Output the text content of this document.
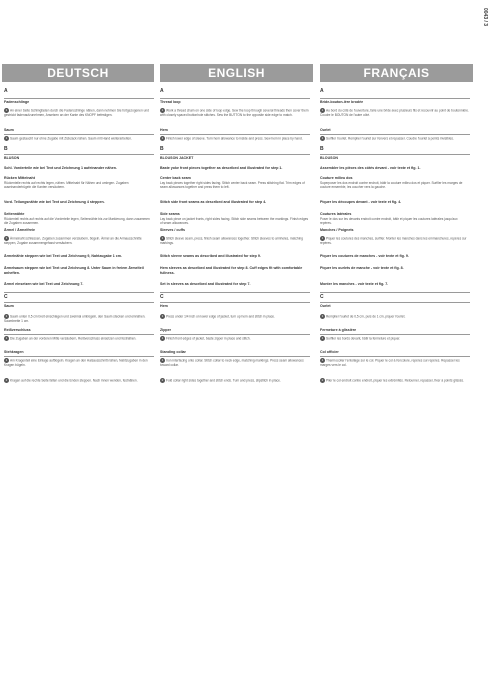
0043 / 3
DEUTSCH	ENGLISH	FRANÇAIS
A
Fadenschlinge
1 An einer Seite Schlingfaden durch die Fadenschlinge nähen, dann nehmen Sie fortgezogenen und gestrickt fadenaufzunehmen, Ansetzen an der Kante des KNOPF befestigen.
Saum
1 Saum gestaucht nur ohne Zugabe mit Zickzack nähen. Saum mit Hand weiterarbeiten.
B
BLUSON
Schl. Vorderteile wie bei Text und Zeichnung 1 aufeinander nähen.
Rücken Mittelnaht
Rückenteile rechts auf rechts legen, nähen. Mittelnaht für Nähen und umlegen. Zugaben auseinanderbügeln die Kanten versäubern.
Vord. Teilungsnähte wie bei Text und Zeichnung 4 steppen.
Seitennähte
Rückenteil rechts auf rechts auf die Vorderteile legen, Seitennähte bis zur Markierung, dann zusammen die Zugaben zusammen.
Ärmel / Ärmelfreie
1 Ärmelnaht schliessen, Zugaben zusammen versäubern, bügeln. Ärmel an die Armausschnitte steppen, Zugabe zusammengefasst versäubern.
Ärmelnähte steppen wie bei Text und Zeichnung 9, Nahtzugabe 1 cm.
Ärmelsaum steppen wie bei Text und Zeichnung 8. Unter Saum in freiem Ärmelteil anheften.
Ärmel einsetzen wie bei Text und Zeichnung 7.
C
Saum
1 Saum unten 0,5 cm breit einschlagen und zweimal umbügeln, den Saum stecken und einnähen. Saumbreite 1 cm.
Reißverschluss
1 Die Zugaben an der vorderen Mitte versäubern, Reißverschluss einsetzen und festnähen.
Stehkragen
1 Am Kragenteil eine Einlage aufbügeln. Kragen an den Halsausschnitt nähen, Nahtzugaben in den Kragen bügeln.
2 Kragen auf die rechte Seite falten und die Enden steppen. Nach innen wenden, festnähen.
A
Thread loop
1 Work a thread chain on one side of loop edge. Sew the loop through several threads then cover them with closely spaced buttonhole stitches. Sew the BUTTON to the opposite side edge to match.
Hem
1 Finish lower edge of sleeve. Turn hem allowance to inside and press. Sew hem in place by hand.
B
BLOUSON JACKET
Baste yoke front pieces together as described and illustrated for step 1.
Center back seam
Lay back pieces together right sides facing. Stitch center back seam. Press stitching flat. Trim edges of seam allowances together and press them to left.
Stitch side front seams as described and illustrated for step 4.
Side seams
Lay back piece on jacket fronts, right sides facing. Stitch side seams between the markings. Finish edges of seam allowances.
Sleeves / cuffs
1 Stitch sleeve seam, press, finish seam allowances together. Stitch sleeves to armholes, matching markings.
Stitch sleeve seams as described and illustrated for step 9.
Hem sleeves as described and illustrated for step 8. Cuff edges fit with comfortable fullness.
Set in sleeves as described and illustrated for step 7.
C
Hem
1 Press under 1/4 inch on lower edge of jacket, turn up hem and stitch in place.
Zipper
1 Finish front edges of jacket, baste zipper in place and stitch.
Standing collar
1 Iron interfacing onto collar. Stitch collar to neck edge, matching markings. Press seam allowances toward collar.
2 Fold collar right sides together and stitch ends. Turn and press, slipstitch in place.
A
Bride-bouton-ière brodée
1 Au bord du côté de l'ouverture, faire une bride avec plusieurs fils et recouvrir au point de boutonnière. Coudre le BOUTON de l'autre côté.
Ourlet
1 Surfiler l'ourlet. Remplier l'ourlet sur l'envers et repasser. Coudre l'ourlet à points invisibles.
B
BLOUSON
Assembler les pièces des côtés devant - voir texte et fig. 1.
Couture milieu dos
Superposer les dos endroit contre endroit, bâtir la couture milieu dos et piquer. Surfiler les marges de couture ensemble, les coucher vers la gauche.
Piquer les découpes devant - voir texte et fig. 4.
Coutures latérales
Poser le dos sur les devants endroit contre endroit, bâtir et piquer les coutures latérales jusqu'aux repères.
Manches / Poignets
1 Piquer les coutures des manches, surfiler. Monter les manches dans les emmanchures, repères sur repères.
Piquer les coutures de manches - voir texte et fig. 9.
Piquer les ourlets de manche - voir texte et fig. 8.
Monter les manches - voir texte et fig. 7.
C
Ourlet
1 Remplier l'ourlet de 0,5 cm, puis de 1 cm, piquer l'ourlet.
Fermeture à glissière
1 Surfiler les bords devant, bâtir la fermeture et piquer.
Col officier
1 Thermocoller l'entoilage sur le col. Piquer le col à l'encolure, repères sur repères. Repasser les marges vers le col.
2 Plier le col endroit contre endroit, piquer les extrémités. Retourner, repasser, fixer à points glissés.
